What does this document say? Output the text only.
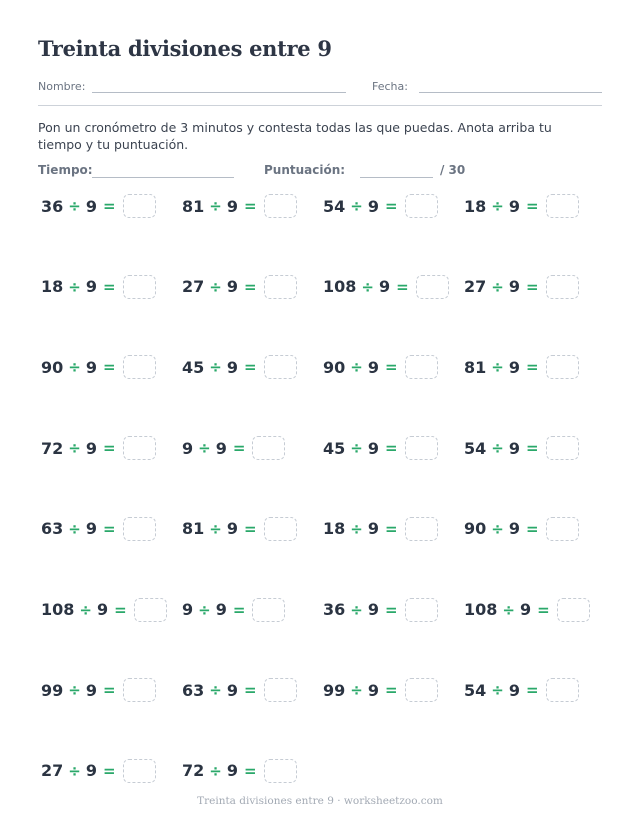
Treinta divisiones entre 9
Nombre:	Fecha:
Pon un cronómetro de 3 minutos y contesta todas las que puedas. Anota arriba tu tiempo y tu puntuación.
Tiempo:	Puntuación:	/ 30
36 ÷ 9 =	81 ÷ 9 =	54 ÷ 9 =	18 ÷ 9 =
18 ÷ 9 =	27 ÷ 9 =	108 ÷ 9 =	27 ÷ 9 =
90 ÷ 9 =	45 ÷ 9 =	90 ÷ 9 =	81 ÷ 9 =
72 ÷ 9 =	9 ÷ 9 =	45 ÷ 9 =	54 ÷ 9 =
63 ÷ 9 =	81 ÷ 9 =	18 ÷ 9 =	90 ÷ 9 =
108 ÷ 9 =	9 ÷ 9 =	36 ÷ 9 =	108 ÷ 9 =
99 ÷ 9 =	63 ÷ 9 =	99 ÷ 9 =	54 ÷ 9 =
27 ÷ 9 =	72 ÷ 9 =
Treinta divisiones entre 9 · worksheetzoo.com
